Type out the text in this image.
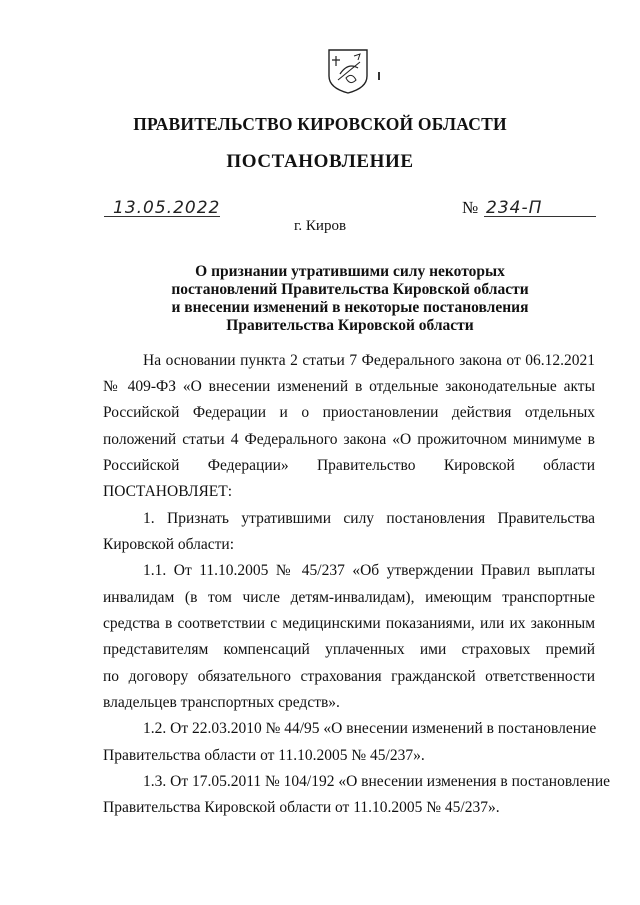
ПРАВИТЕЛЬСТВО КИРОВСКОЙ ОБЛАСТИ
ПОСТАНОВЛЕНИЕ
13.05.2022	№ 234-П
г. Киров
О признании утратившими силу некоторых
постановлений Правительства Кировской области
и внесении изменений в некоторые постановления
Правительства Кировской области
На основании пункта 2 статьи 7 Федерального закона от 06.12.2021
№ 409-ФЗ «О внесении изменений в отдельные законодательные акты
Российской Федерации и о приостановлении действия отдельных
положений статьи 4 Федерального закона «О прожиточном минимуме в
Российской Федерации» Правительство Кировской области
ПОСТАНОВЛЯЕТ:
1. Признать утратившими силу постановления Правительства
Кировской области:
1.1. От 11.10.2005 № 45/237 «Об утверждении Правил выплаты
инвалидам (в том числе детям-инвалидам), имеющим транспортные
средства в соответствии с медицинскими показаниями, или их законным
представителям компенсаций уплаченных ими страховых премий
по договору обязательного страхования гражданской ответственности
владельцев транспортных средств».
1.2. От 22.03.2010 № 44/95 «О внесении изменений в постановление
Правительства области от 11.10.2005 № 45/237».
1.3. От 17.05.2011 № 104/192 «О внесении изменения в постановление
Правительства Кировской области от 11.10.2005 № 45/237».
